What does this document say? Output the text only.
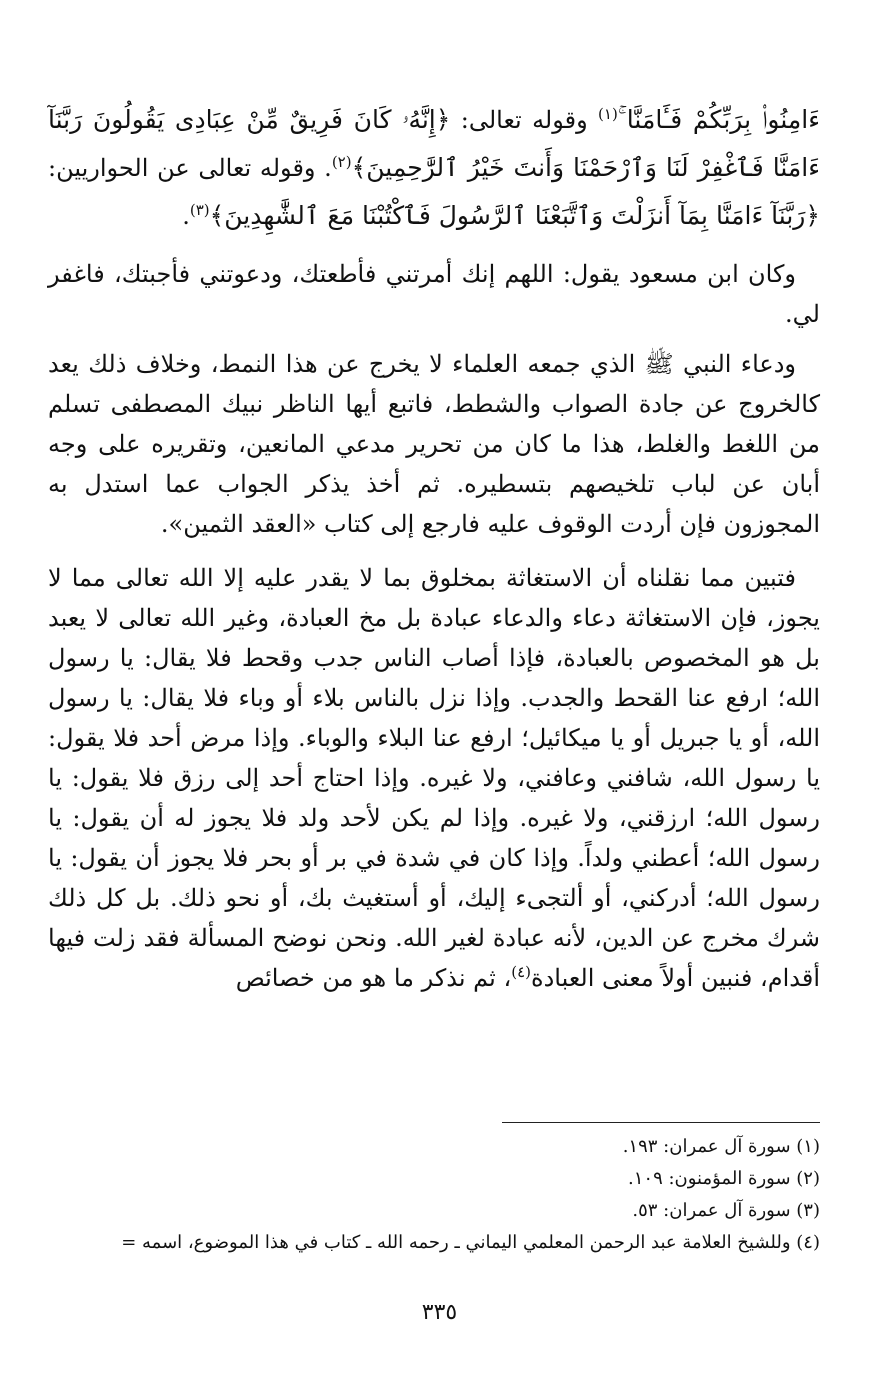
ءَامِنُوا۟ بِرَبِّكُمْ فَـَٔامَنَّا ۚ$^{(١)}$ وقوله تعالى: ﴿إِنَّهُۥ كَانَ فَرِيقٌ مِّنْ عِبَادِى يَقُولُونَ رَبَّنَآ ءَامَنَّا فَٱغْفِرْ لَنَا وَٱرْحَمْنَا وَأَنتَ خَيْرُ ٱلرَّٰحِمِينَ﴾$^{(٢)}$. وقوله تعالى عن الحواريين: ﴿رَبَّنَآ ءَامَنَّا بِمَآ أَنزَلْتَ وَٱتَّبَعْنَا ٱلرَّسُولَ فَٱكْتُبْنَا مَعَ ٱلشَّٰهِدِينَ﴾$^{(٣)}$.

وكان ابن مسعود يقول: اللهم إنك أمرتني فأطعتك، ودعوتني فأجبتك، فاغفر لي.

ودعاء النبي ﷺ الذي جمعه العلماء لا يخرج عن هذا النمط، وخلاف ذلك يعد كالخروج عن جادة الصواب والشطط، فاتبع أيها الناظر نبيك المصطفى تسلم من اللغط والغلط، هذا ما كان من تحرير مدعي المانعين، وتقريره على وجه أبان عن لباب تلخيصهم بتسطيره. ثم أخذ يذكر الجواب عما استدل به المجوزون فإن أردت الوقوف عليه فارجع إلى كتاب «العقد الثمين».

فتبين مما نقلناه أن الاستغاثة بمخلوق بما لا يقدر عليه إلا الله تعالى مما لا يجوز، فإن الاستغاثة دعاء والدعاء عبادة بل مخ العبادة، وغير الله تعالى لا يعبد بل هو المخصوص بالعبادة، فإذا أصاب الناس جدب وقحط فلا يقال: يا رسول الله؛ ارفع عنا القحط والجدب. وإذا نزل بالناس بلاء أو وباء فلا يقال: يا رسول الله، أو يا جبريل أو يا ميكائيل؛ ارفع عنا البلاء والوباء. وإذا مرض أحد فلا يقول: يا رسول الله، شافني وعافني، ولا غيره. وإذا احتاج أحد إلى رزق فلا يقول: يا رسول الله؛ ارزقني، ولا غيره. وإذا لم يكن لأحد ولد فلا يجوز له أن يقول: يا رسول الله؛ أعطني ولداً. وإذا كان في شدة في بر أو بحر فلا يجوز أن يقول: يا رسول الله؛ أدركني، أو ألتجىء إليك، أو أستغيث بك، أو نحو ذلك. بل كل ذلك شرك مخرج عن الدين، لأنه عبادة لغير الله. ونحن نوضح المسألة فقد زلت فيها أقدام، فنبين أولاً معنى العبادة$^{(٤)}$، ثم نذكر ما هو من خصائص

(١) سورة آل عمران: ١٩٣.
(٢) سورة المؤمنون: ١٠٩.
(٣) سورة آل عمران: ٥٣.
(٤) وللشيخ العلامة عبد الرحمن المعلمي اليماني ـ رحمه الله ـ كتاب في هذا الموضوع، اسمه =
٣٣٥
